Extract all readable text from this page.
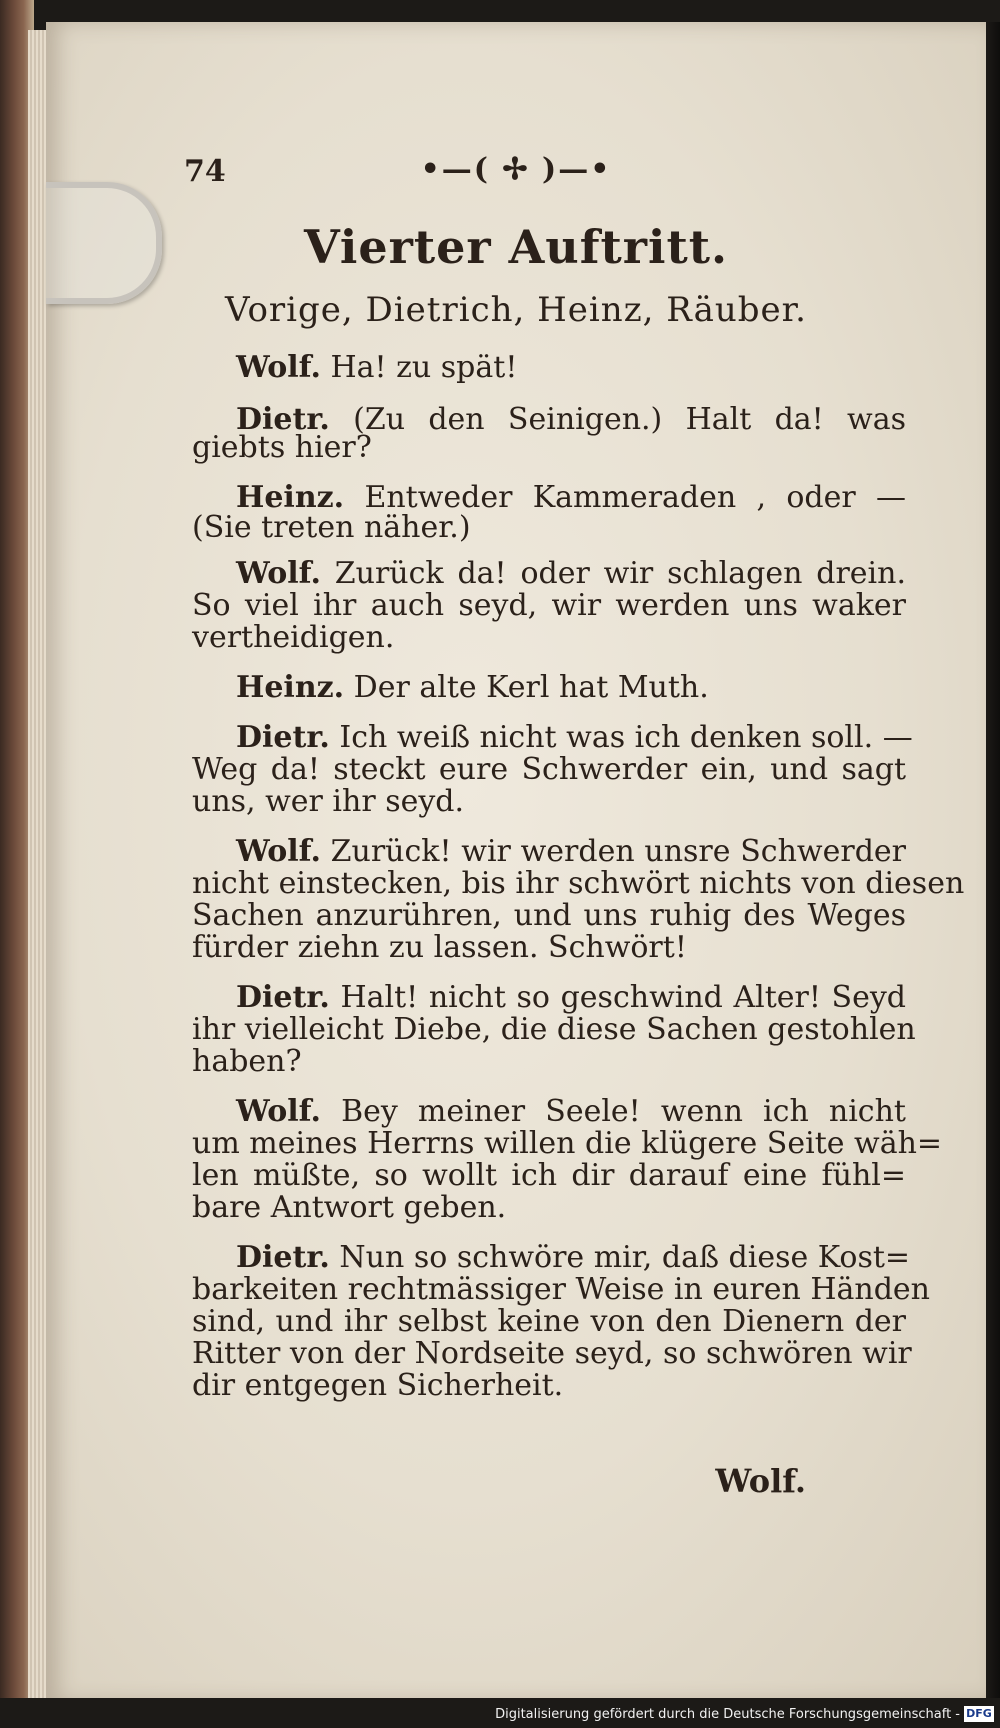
74	•—( ✢ )—•
Vierter Auftritt.
Vorige, Dietrich, Heinz, Räuber.
Wolf. Ha! zu spät!
Dietr. (Zu den Seinigen.) Halt da! was
giebts hier?
Heinz. Entweder Kammeraden , oder —
(Sie treten näher.)
Wolf. Zurück da! oder wir schlagen drein.
So viel ihr auch seyd, wir werden uns waker
vertheidigen.
Heinz. Der alte Kerl hat Muth.
Dietr. Ich weiß nicht was ich denken soll. —
Weg da! steckt eure Schwerder ein, und sagt
uns, wer ihr seyd.
Wolf. Zurück! wir werden unsre Schwerder
nicht einstecken, bis ihr schwört nichts von diesen
Sachen anzurühren, und uns ruhig des Weges
fürder ziehn zu lassen. Schwört!
Dietr. Halt! nicht so geschwind Alter! Seyd
ihr vielleicht Diebe, die diese Sachen gestohlen
haben?
Wolf. Bey meiner Seele! wenn ich nicht
um meines Herrns willen die klügere Seite wäh=
len müßte, so wollt ich dir darauf eine fühl=
bare Antwort geben.
Dietr. Nun so schwöre mir, daß diese Kost=
barkeiten rechtmässiger Weise in euren Händen
sind, und ihr selbst keine von den Dienern der
Ritter von der Nordseite seyd, so schwören wir
dir entgegen Sicherheit.
Wolf.
Digitalisierung gefördert durch die Deutsche Forschungsgemeinschaft - DFG
